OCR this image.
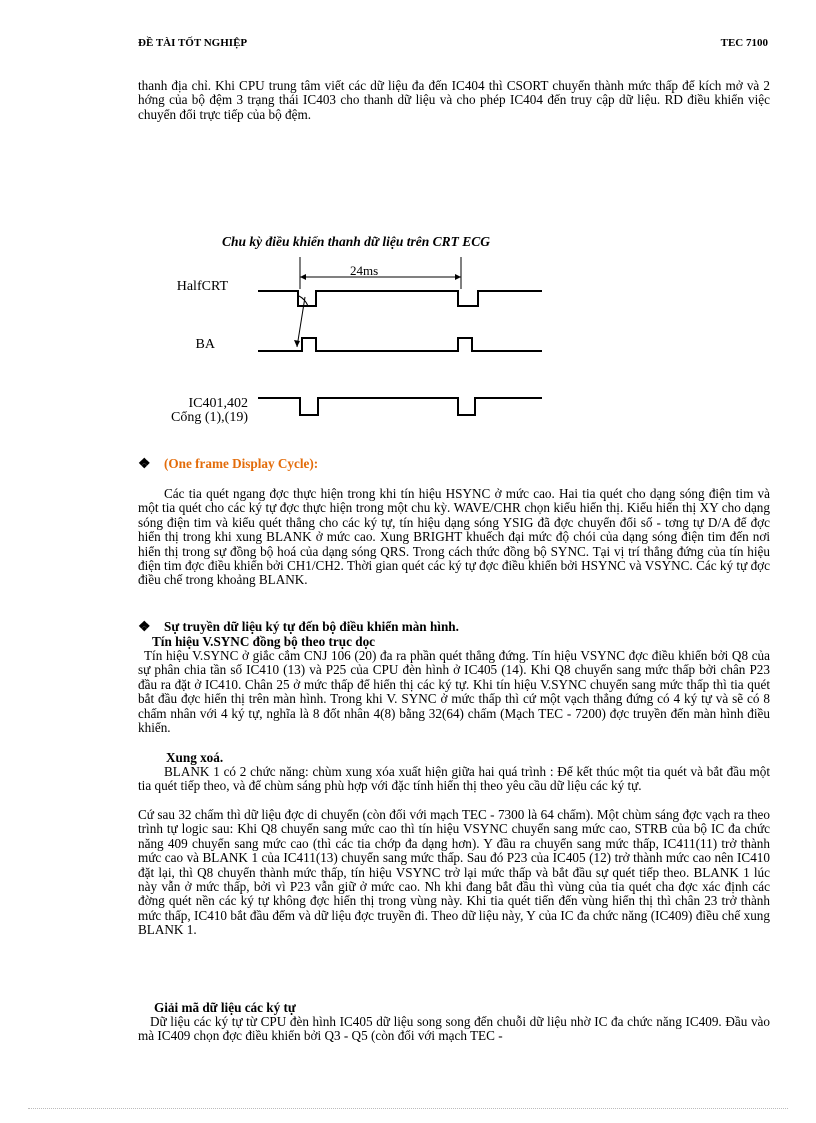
ĐỀ TÀI TỐT NGHIỆP	TEC 7100

thanh địa chỉ. Khi CPU trung tâm viết các dữ liệu đa đến IC404 thì CSORT chuyển thành mức thấp để kích mở và 2 hớng của bộ đệm 3 trạng thái IC403 cho thanh dữ liệu và cho phép IC404 đến truy cập dữ liệu. RD điều khiển việc chuyển đổi trực tiếp của bộ đệm.

Chu kỳ điều khiển thanh dữ liệu trên CRT ECG
HalfCRT
BA
IC401,402
Cổng (1),(19)
24ms
❖ (One frame Display Cycle):

Các tia quét ngang đợc thực hiện trong khi tín hiệu HSYNC ở mức cao. Hai tia quét cho dạng sóng điện tim và một tia quét cho các ký tự đợc thực hiện trong một chu kỳ. WAVE/CHR chọn kiểu hiển thị. Kiểu hiển thị XY cho dạng sóng điện tim và kiểu quét thẳng cho các ký tự, tín hiệu dạng sóng YSIG đã đợc chuyển đổi số - tơng tự D/A để đợc hiển thị trong khi xung BLANK ở mức cao. Xung BRIGHT khuếch đại mức độ chói của dạng sóng điện tim đến nơi hiển thị trong sự đồng bộ hoá của dạng sóng QRS. Trong cách thức đồng bộ SYNC. Tại vị trí thẳng đứng của tín hiệu điện tim đợc điều khiển bởi CH1/CH2. Thời gian quét các ký tự đợc điều khiển bởi HSYNC và VSYNC. Các ký tự đợc điều chế trong khoảng BLANK.

❖ Sự truyền dữ liệu ký tự đến bộ điều khiển màn hình.
Tín hiệu V.SYNC đồng bộ theo trục dọc

Tín hiệu V.SYNC ở giắc cắm CNJ 106 (20) đa ra phần quét thẳng đứng. Tín hiệu VSYNC đợc điều khiển bởi Q8 của sự phân chia tần số IC410 (13) và P25 của CPU đèn hình ở IC405 (14). Khi Q8 chuyển sang mức thấp bởi chân P23 đầu ra đặt ở IC410. Chân 25 ở mức thấp để hiển thị các ký tự. Khi tín hiệu V.SYNC chuyển sang mức thấp thì tia quét bắt đầu đợc hiển thị trên màn hình. Trong khi V. SYNC ở mức thấp thì cứ một vạch thẳng đứng có 4 ký tự và sẽ có 8 chấm nhân với 4 ký tự, nghĩa là 8 đốt nhân 4(8) bằng 32(64) chấm (Mạch TEC - 7200) đợc truyền đến màn hình điều khiển.

Xung xoá.

BLANK 1 có 2 chức năng: chùm xung xóa xuất hiện giữa hai quá trình : Để kết thúc một tia quét và bắt đầu một tia quét tiếp theo, và để chùm sáng phù hợp với đặc tính hiển thị theo yêu cầu dữ liệu các ký tự.

Cứ sau 32 chấm thì dữ liệu đợc di chuyển (còn đối với mạch TEC - 7300 là 64 chấm). Một chùm sáng đợc vạch ra theo trình tự logic sau: Khi Q8 chuyển sang mức cao thì tín hiệu VSYNC chuyển sang mức cao, STRB của bộ IC đa chức năng 409 chuyển sang mức cao (thì các tia chớp đa dạng hơn). Y đầu ra chuyển sang mức thấp, IC411(11) trở thành mức cao và BLANK 1 của IC411(13) chuyển sang mức thấp. Sau đó P23 của IC405 (12) trở thành mức cao nên IC410 đặt lại, thì Q8 chuyển thành mức thấp, tín hiệu VSYNC trở lại mức thấp và bắt đầu sự quét tiếp theo. BLANK 1 lúc này vẫn ở mức thấp, bởi vì P23 vẫn giữ ở mức cao. Nh khi đang bắt đầu thì vùng của tia quét cha đợc xác định các đờng quét nền các ký tự không đợc hiển thị trong vùng này. Khi tia quét tiến đến vùng hiển thị thì chân 23 trở thành mức thấp, IC410 bắt đầu đếm và dữ liệu đợc truyền đi. Theo dữ liệu này, Y của IC đa chức năng (IC409) điều chế xung BLANK 1.

Giải mã dữ liệu các ký tự

Dữ liệu các ký tự từ CPU đèn hình IC405 dữ liệu song song đến chuỗi dữ liệu nhờ IC đa chức năng IC409. Đầu vào mà IC409 chọn đợc điều khiển bởi Q3 - Q5 (còn đối với mạch TEC -
